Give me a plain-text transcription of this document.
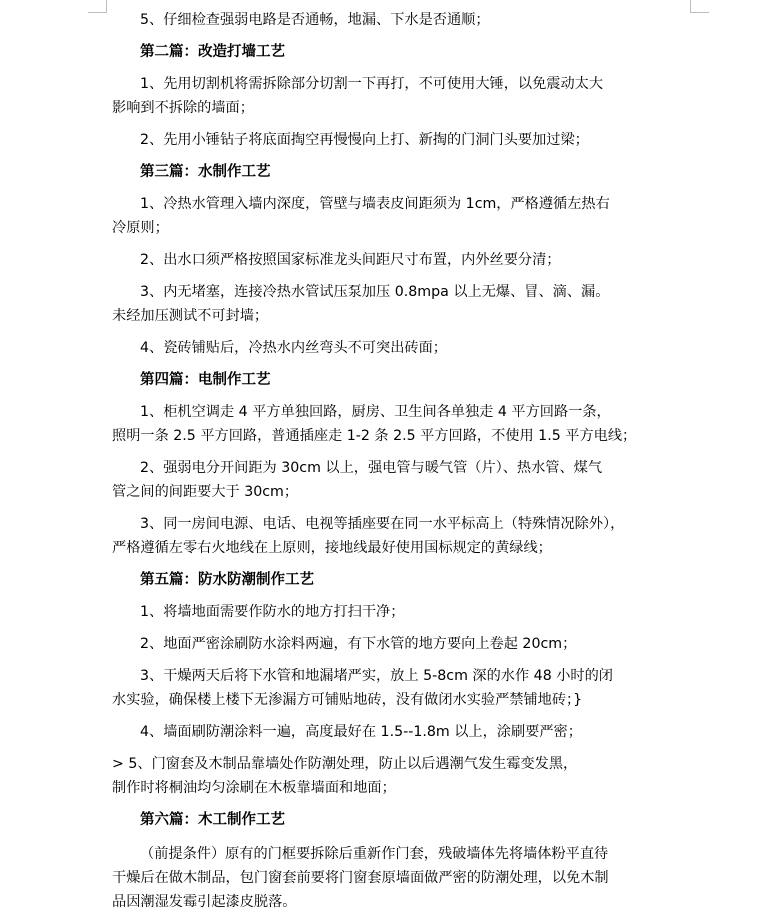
5、仔细检查强弱电路是否通畅，地漏、下水是否通顺；

第二篇：改造打墙工艺

1、先用切割机将需拆除部分切割一下再打，不可使用大锤，以免震动太大
影响到不拆除的墙面；

2、先用小锤钻子将底面掏空再慢慢向上打、新掏的门洞门头要加过梁；

第三篇：水制作工艺

1、冷热水管理入墙内深度，管壁与墙表皮间距须为 1cm，严格遵循左热右
冷原则；

2、出水口须严格按照国家标准龙头间距尺寸布置，内外丝要分清；

3、内无堵塞，连接冷热水管试压泵加压 0.8mpa 以上无爆、冒、滴、漏。
未经加压测试不可封墙；

4、瓷砖铺贴后，冷热水内丝弯头不可突出砖面；

第四篇：电制作工艺

1、柜机空调走 4 平方单独回路，厨房、卫生间各单独走 4 平方回路一条，
照明一条 2.5 平方回路，普通插座走 1-2 条 2.5 平方回路，不使用 1.5 平方电线；

2、强弱电分开间距为 30cm 以上，强电管与暖气管（片）、热水管、煤气
管之间的间距要大于 30cm；

3、同一房间电源、电话、电视等插座要在同一水平标高上（特殊情况除外），
严格遵循左零右火地线在上原则，接地线最好使用国标规定的黄绿线；

第五篇：防水防潮制作工艺

1、将墙地面需要作防水的地方打扫干净；

2、地面严密涂刷防水涂料两遍，有下水管的地方要向上卷起 20cm；

3、干燥两天后将下水管和地漏堵严实，放上 5-8cm 深的水作 48 小时的闭
水实验，确保楼上楼下无渗漏方可铺贴地砖，没有做闭水实验严禁铺地砖；}

4、墙面刷防潮涂料一遍，高度最好在 1.5--1.8m 以上，涂刷要严密；

> 5、门窗套及木制品靠墙处作防潮处理，防止以后遇潮气发生霉变发黑，
制作时将桐油均匀涂刷在木板靠墙面和地面；

第六篇：木工制作工艺

（前提条件）原有的门框要拆除后重新作门套，残破墙体先将墙体粉平直待
干燥后在做木制品，包门窗套前要将门窗套原墙面做严密的防潮处理，以免木制
品因潮湿发霉引起漆皮脱落。
